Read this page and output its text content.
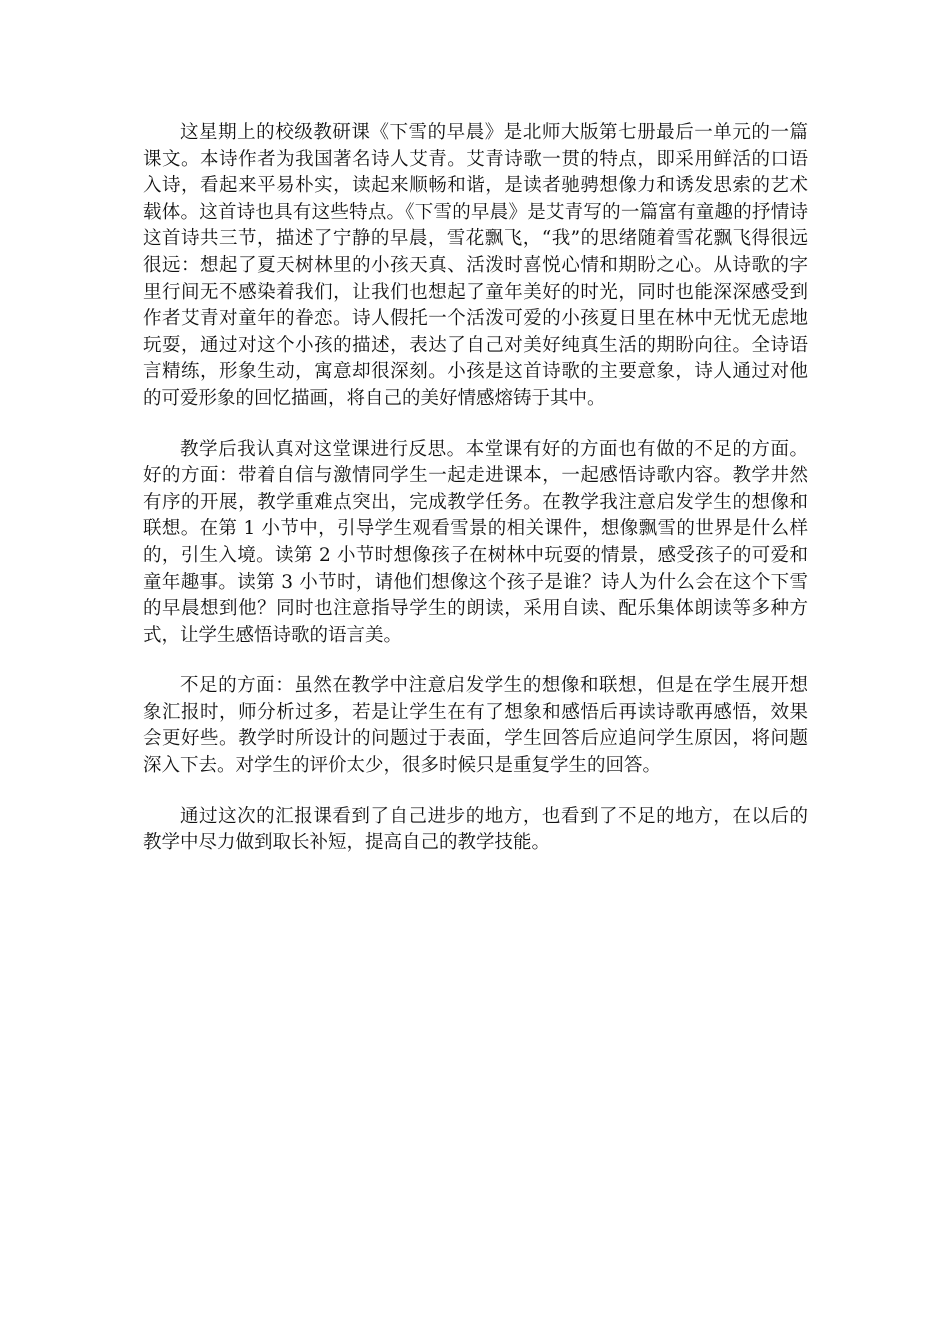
这星期上的校级教研课《下雪的早晨》是北师大版第七册最后一单元的一篇课文。本诗作者为我国著名诗人艾青。艾青诗歌一贯的特点，即采用鲜活的口语入诗，看起来平易朴实，读起来顺畅和谐，是读者驰骋想像力和诱发思索的艺术载体。这首诗也具有这些特点。《下雪的早晨》是艾青写的一篇富有童趣的抒情诗这首诗共三节，描述了宁静的早晨，雪花飘飞，“我”的思绪随着雪花飘飞得很远很远：想起了夏天树林里的小孩天真、活泼时喜悦心情和期盼之心。从诗歌的字里行间无不感染着我们，让我们也想起了童年美好的时光，同时也能深深感受到作者艾青对童年的眷恋。诗人假托一个活泼可爱的小孩夏日里在林中无忧无虑地玩耍，通过对这个小孩的描述，表达了自己对美好纯真生活的期盼向往。全诗语言精练，形象生动，寓意却很深刻。小孩是这首诗歌的主要意象，诗人通过对他的可爱形象的回忆描画，将自己的美好情感熔铸于其中。

教学后我认真对这堂课进行反思。本堂课有好的方面也有做的不足的方面。好的方面：带着自信与激情同学生一起走进课本，一起感悟诗歌内容。教学井然有序的开展，教学重难点突出，完成教学任务。在教学我注意启发学生的想像和联想。在第 1 小节中，引导学生观看雪景的相关课件，想像飘雪的世界是什么样的，引生入境。读第 2 小节时想像孩子在树林中玩耍的情景，感受孩子的可爱和童年趣事。读第 3 小节时，请他们想像这个孩子是谁？诗人为什么会在这个下雪的早晨想到他？同时也注意指导学生的朗读，采用自读、配乐集体朗读等多种方式，让学生感悟诗歌的语言美。

不足的方面：虽然在教学中注意启发学生的想像和联想，但是在学生展开想象汇报时，师分析过多，若是让学生在有了想象和感悟后再读诗歌再感悟，效果会更好些。教学时所设计的问题过于表面，学生回答后应追问学生原因，将问题深入下去。对学生的评价太少，很多时候只是重复学生的回答。

通过这次的汇报课看到了自己进步的地方，也看到了不足的地方，在以后的教学中尽力做到取长补短，提高自己的教学技能。
